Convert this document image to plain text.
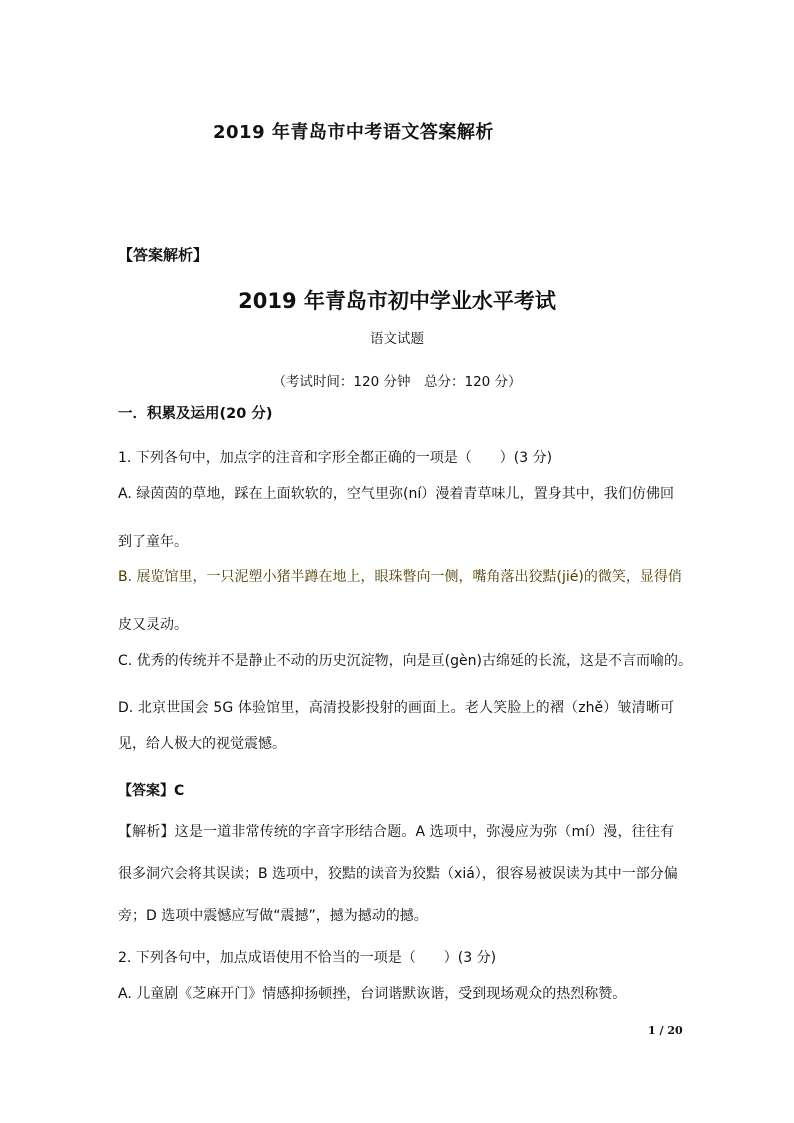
2019 年青岛市中考语文答案解析
【答案解析】
2019 年青岛市初中学业水平考试
语文试题
（考试时间：120 分钟　总分：120 分）
一．积累及运用(20 分)
1. 下列各句中，加点字的注音和字形全都正确的一项是（　　）(3 分)
A. 绿茵茵的草地，踩在上面软软的，空气里弥(ní）漫着青草味儿，置身其中，我们仿佛回
到了童年。
B. 展览馆里，一只泥塑小猪半蹲在地上，眼珠瞥向一侧，嘴角落出狡黠(jié)的微笑，显得俏
皮又灵动。
C. 优秀的传统并不是静止不动的历史沉淀物，向是亘(gèn)古绵延的长流，这是不言而喻的。
D. 北京世国会 5G 体验馆里，高清投影投射的画面上。老人笑脸上的褶（zhě）皱清晰可
见，给人极大的视觉震憾。
【答案】C
【解析】这是一道非常传统的字音字形结合题。A 选项中，弥漫应为弥（mí）漫，往往有
很多洞穴会将其误读；B 选项中，狡黠的读音为狡黠（xiá），很容易被误读为其中一部分偏
旁；D 选项中震憾应写做“震撼”，撼为撼动的撼。
2. 下列各句中，加点成语使用不恰当的一项是（　　）(3 分)
A. 儿童剧《芝麻开门》情感抑扬顿挫，台词谐默诙谐，受到现场观众的热烈称赞。
1 / 20
